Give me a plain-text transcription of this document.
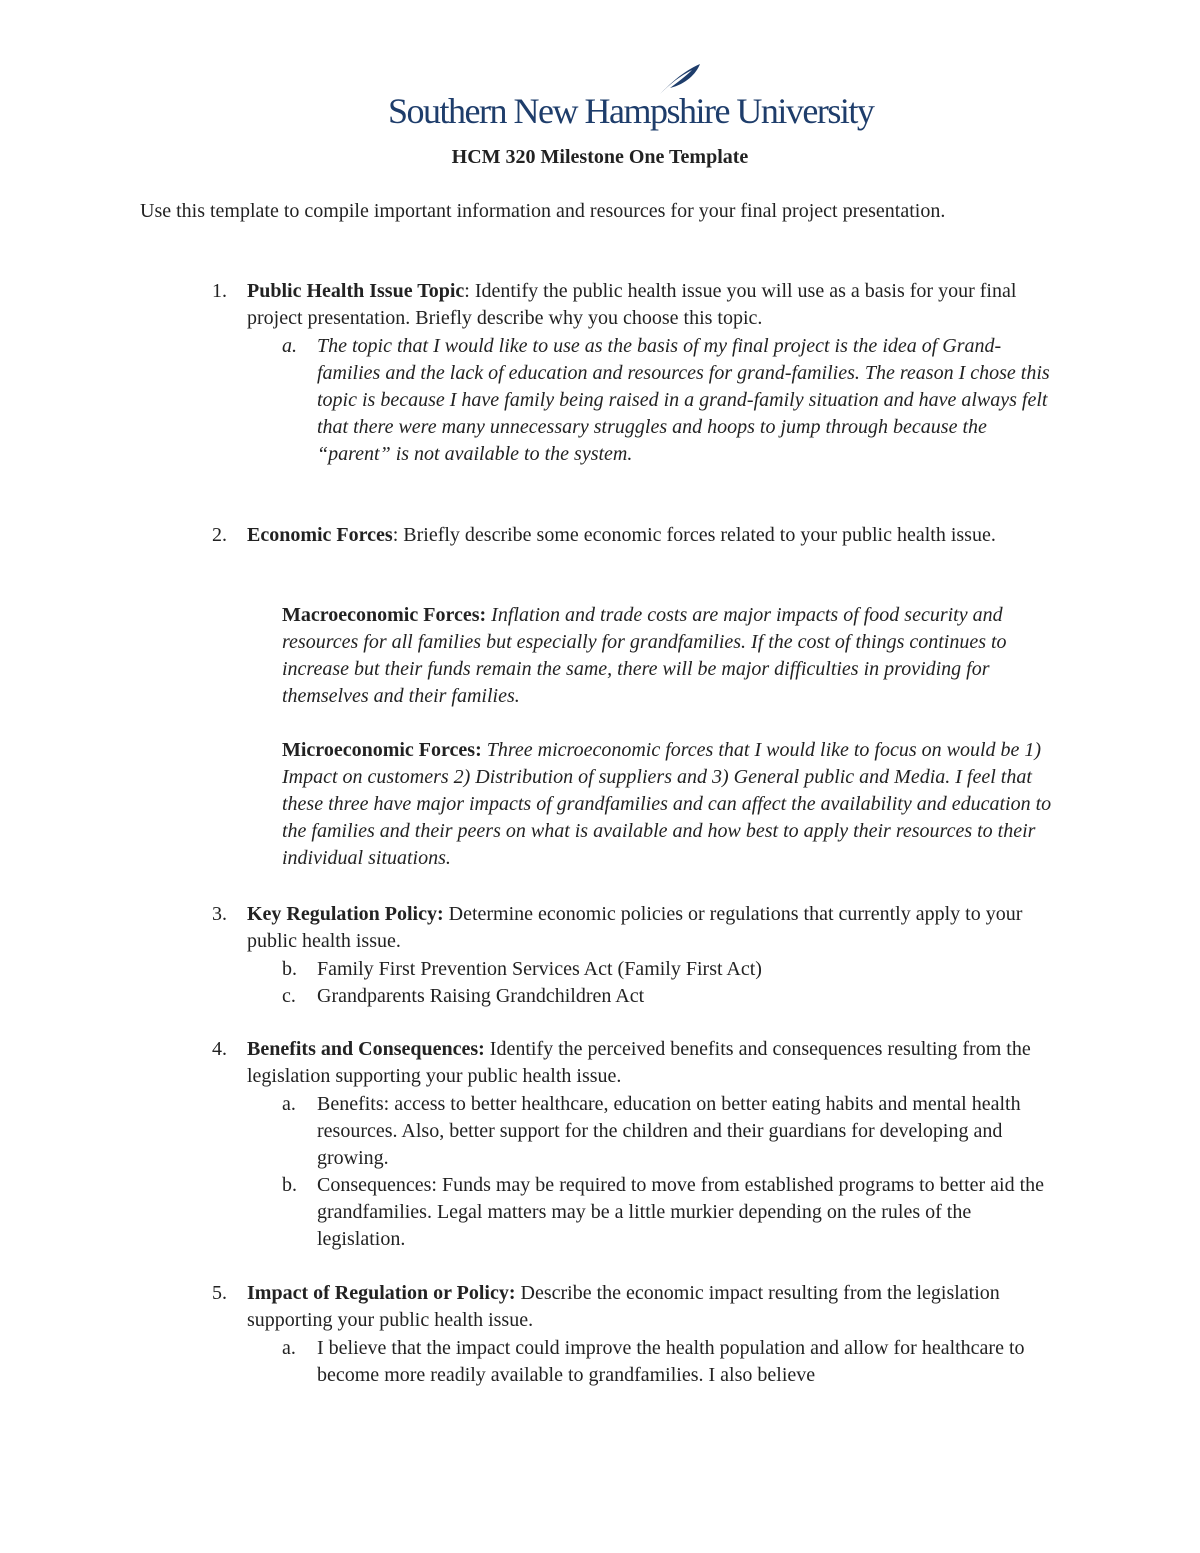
Southern New Hampshire University
HCM 320 Milestone One Template

Use this template to compile important information and resources for your final project presentation.

1.	Public Health Issue Topic: Identify the public health issue you will use as a basis for your final project presentation. Briefly describe why you choose this topic.
a.	The topic that I would like to use as the basis of my final project is the idea of Grand-families and the lack of education and resources for grand-families. The reason I chose this topic is because I have family being raised in a grand-family situation and have always felt that there were many unnecessary struggles and hoops to jump through because the “parent” is not available to the system.
2.	Economic Forces: Briefly describe some economic forces related to your public health issue.
Macroeconomic Forces: Inflation and trade costs are major impacts of food security and resources for all families but especially for grandfamilies. If the cost of things continues to increase but their funds remain the same, there will be major difficulties in providing for themselves and their families.
Microeconomic Forces: Three microeconomic forces that I would like to focus on would be 1) Impact on customers 2) Distribution of suppliers and 3) General public and Media. I feel that these three have major impacts of grandfamilies and can affect the availability and education to the families and their peers on what is available and how best to apply their resources to their individual situations.
3.	Key Regulation Policy: Determine economic policies or regulations that currently apply to your public health issue.
b.	Family First Prevention Services Act (Family First Act)
c.	Grandparents Raising Grandchildren Act
4.	Benefits and Consequences: Identify the perceived benefits and consequences resulting from the legislation supporting your public health issue.
a.	Benefits: access to better healthcare, education on better eating habits and mental health resources. Also, better support for the children and their guardians for developing and growing.
b.	Consequences: Funds may be required to move from established programs to better aid the grandfamilies. Legal matters may be a little murkier depending on the rules of the legislation.
5.	Impact of Regulation or Policy: Describe the economic impact resulting from the legislation supporting your public health issue.
a.	I believe that the impact could improve the health population and allow for healthcare to become more readily available to grandfamilies. I also believe
